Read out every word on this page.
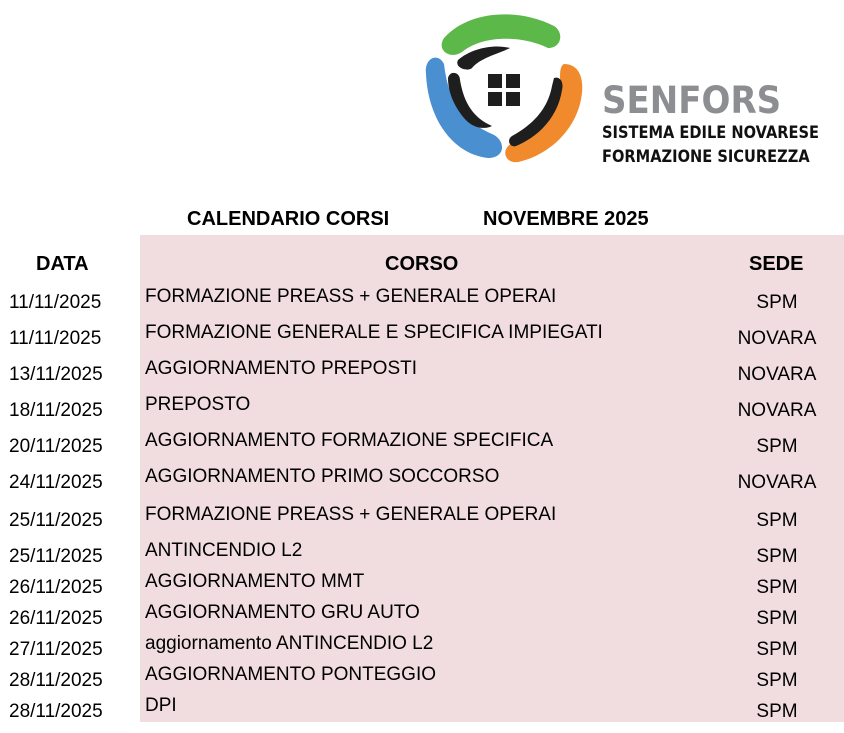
SENFORS
SISTEMA EDILE NOVARESE
FORMAZIONE SICUREZZA
CALENDARIO CORSI	NOVEMBRE 2025
DATA	CORSO	SEDE
11/11/2025 FORMAZIONE PREASS + GENERALE OPERAI	SPM
11/11/2025 FORMAZIONE GENERALE E SPECIFICA IMPIEGATI	NOVARA
13/11/2025 AGGIORNAMENTO PREPOSTI	NOVARA
18/11/2025 PREPOSTO	NOVARA
20/11/2025 AGGIORNAMENTO FORMAZIONE SPECIFICA	SPM
24/11/2025 AGGIORNAMENTO PRIMO SOCCORSO	NOVARA
25/11/2025 FORMAZIONE PREASS + GENERALE OPERAI	SPM
25/11/2025 ANTINCENDIO L2	SPM
26/11/2025 AGGIORNAMENTO MMT	SPM
26/11/2025 AGGIORNAMENTO GRU AUTO	SPM
27/11/2025 aggiornamento ANTINCENDIO L2	SPM
28/11/2025 AGGIORNAMENTO PONTEGGIO	SPM
28/11/2025 DPI	SPM
